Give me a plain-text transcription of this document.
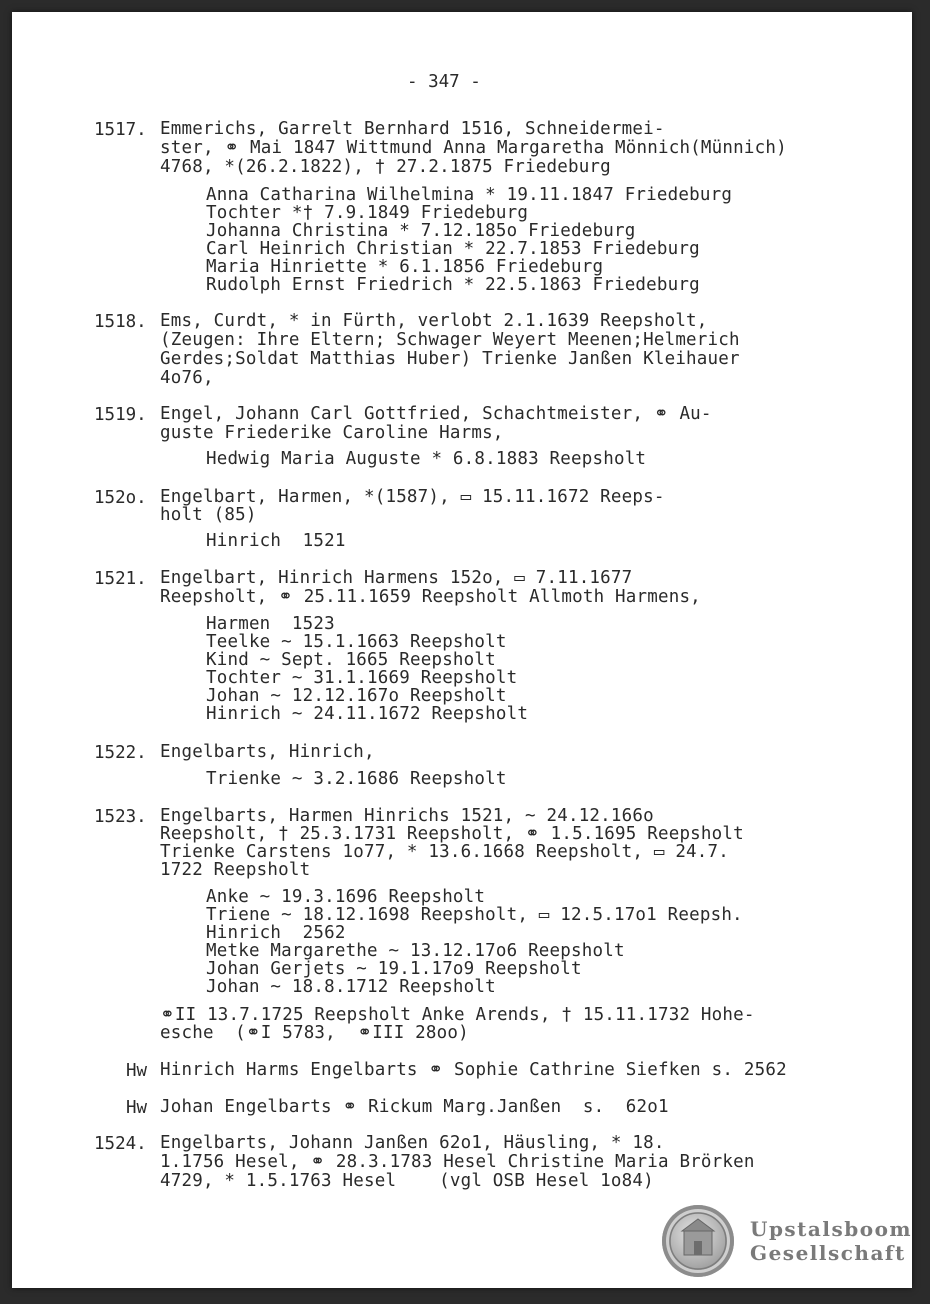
- 347 -
1517. Emmerichs, Garrelt Bernhard 1516, Schneidermei-
ster, ⚭ Mai 1847 Wittmund Anna Margaretha Mönnich(Münnich)
4768, *(26.2.1822), † 27.2.1875 Friedeburg
Anna Catharina Wilhelmina * 19.11.1847 Friedeburg
Tochter *† 7.9.1849 Friedeburg
Johanna Christina * 7.12.185o Friedeburg
Carl Heinrich Christian * 22.7.1853 Friedeburg
Maria Hinriette * 6.1.1856 Friedeburg
Rudolph Ernst Friedrich * 22.5.1863 Friedeburg
1518. Ems, Curdt, * in Fürth, verlobt 2.1.1639 Reepsholt,
(Zeugen: Ihre Eltern; Schwager Weyert Meenen;Helmerich
Gerdes;Soldat Matthias Huber) Trienke Janßen Kleihauer
4o76,
1519. Engel, Johann Carl Gottfried, Schachtmeister, ⚭ Au-
guste Friederike Caroline Harms,
Hedwig Maria Auguste * 6.8.1883 Reepsholt
152o. Engelbart, Harmen, *(1587), ▭ 15.11.1672 Reeps-
holt (85)
Hinrich  1521
1521. Engelbart, Hinrich Harmens 152o, ▭ 7.11.1677
Reepsholt, ⚭ 25.11.1659 Reepsholt Allmoth Harmens,
Harmen  1523
Teelke ~ 15.1.1663 Reepsholt
Kind ~ Sept. 1665 Reepsholt
Tochter ~ 31.1.1669 Reepsholt
Johan ~ 12.12.167o Reepsholt
Hinrich ~ 24.11.1672 Reepsholt
1522. Engelbarts, Hinrich,
Trienke ~ 3.2.1686 Reepsholt
1523. Engelbarts, Harmen Hinrichs 1521, ~ 24.12.166o
Reepsholt, † 25.3.1731 Reepsholt, ⚭ 1.5.1695 Reepsholt
Trienke Carstens 1o77, * 13.6.1668 Reepsholt, ▭ 24.7.
1722 Reepsholt
Anke ~ 19.3.1696 Reepsholt
Triene ~ 18.12.1698 Reepsholt, ▭ 12.5.17o1 Reepsh.
Hinrich  2562
Metke Margarethe ~ 13.12.17o6 Reepsholt
Johan Gerjets ~ 19.1.17o9 Reepsholt
Johan ~ 18.8.1712 Reepsholt
⚭II 13.7.1725 Reepsholt Anke Arends, † 15.11.1732 Hohe-
esche  (⚭I 5783,  ⚭III 28oo)
Hw Hinrich Harms Engelbarts ⚭ Sophie Cathrine Siefken s. 2562
Hw Johan Engelbarts ⚭ Rickum Marg.Janßen  s.  62o1
1524. Engelbarts, Johann Janßen 62o1, Häusling, * 18.
1.1756 Hesel, ⚭ 28.3.1783 Hesel Christine Maria Brörken
4729, * 1.5.1763 Hesel    (vgl OSB Hesel 1o84)
Upstalsboom
Gesellschaft
